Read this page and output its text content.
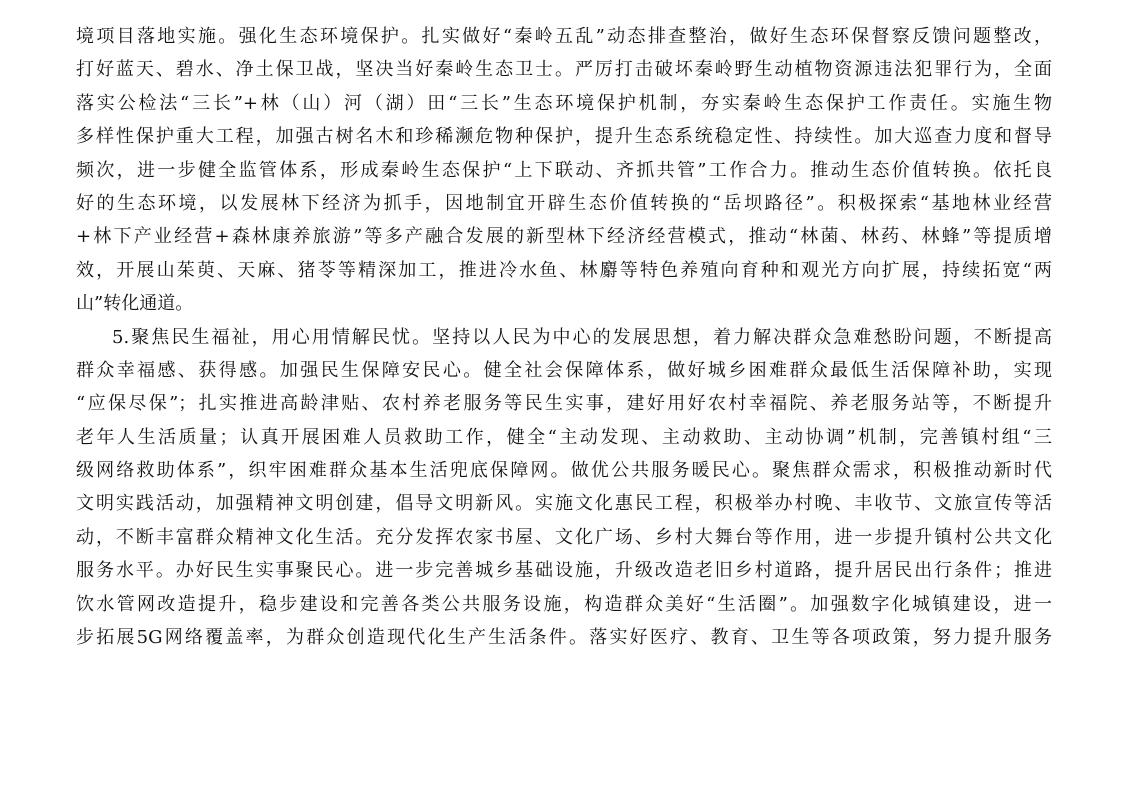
境项目落地实施。强化生态环境保护。扎实做好“秦岭五乱”动态排查整治，做好生态环保督察反馈问题整改，
打好蓝天、碧水、净土保卫战，坚决当好秦岭生态卫士。严厉打击破坏秦岭野生动植物资源违法犯罪行为，全面
落实公检法“三长”+林（山）河（湖）田“三长”生态环境保护机制，夯实秦岭生态保护工作责任。实施生物
多样性保护重大工程，加强古树名木和珍稀濒危物种保护，提升生态系统稳定性、持续性。加大巡查力度和督导
频次，进一步健全监管体系，形成秦岭生态保护“上下联动、齐抓共管”工作合力。推动生态价值转换。依托良
好的生态环境，以发展林下经济为抓手，因地制宜开辟生态价值转换的“岳坝路径”。积极探索“基地林业经营
+林下产业经营+森林康养旅游”等多产融合发展的新型林下经济经营模式，推动“林菌、林药、林蜂”等提质增
效，开展山茱萸、天麻、猪苓等精深加工，推进冷水鱼、林麝等特色养殖向育种和观光方向扩展，持续拓宽“两
山”转化通道。
5.聚焦民生福祉，用心用情解民忧。坚持以人民为中心的发展思想，着力解决群众急难愁盼问题，不断提高
群众幸福感、获得感。加强民生保障安民心。健全社会保障体系，做好城乡困难群众最低生活保障补助，实现
“应保尽保”；扎实推进高龄津贴、农村养老服务等民生实事，建好用好农村幸福院、养老服务站等，不断提升
老年人生活质量；认真开展困难人员救助工作，健全“主动发现、主动救助、主动协调”机制，完善镇村组“三
级网络救助体系”，织牢困难群众基本生活兜底保障网。做优公共服务暖民心。聚焦群众需求，积极推动新时代
文明实践活动，加强精神文明创建，倡导文明新风。实施文化惠民工程，积极举办村晚、丰收节、文旅宣传等活
动，不断丰富群众精神文化生活。充分发挥农家书屋、文化广场、乡村大舞台等作用，进一步提升镇村公共文化
服务水平。办好民生实事聚民心。进一步完善城乡基础设施，升级改造老旧乡村道路，提升居民出行条件；推进
饮水管网改造提升，稳步建设和完善各类公共服务设施，构造群众美好“生活圈”。加强数字化城镇建设，进一
步拓展5G网络覆盖率，为群众创造现代化生产生活条件。落实好医疗、教育、卫生等各项政策，努力提升服务
